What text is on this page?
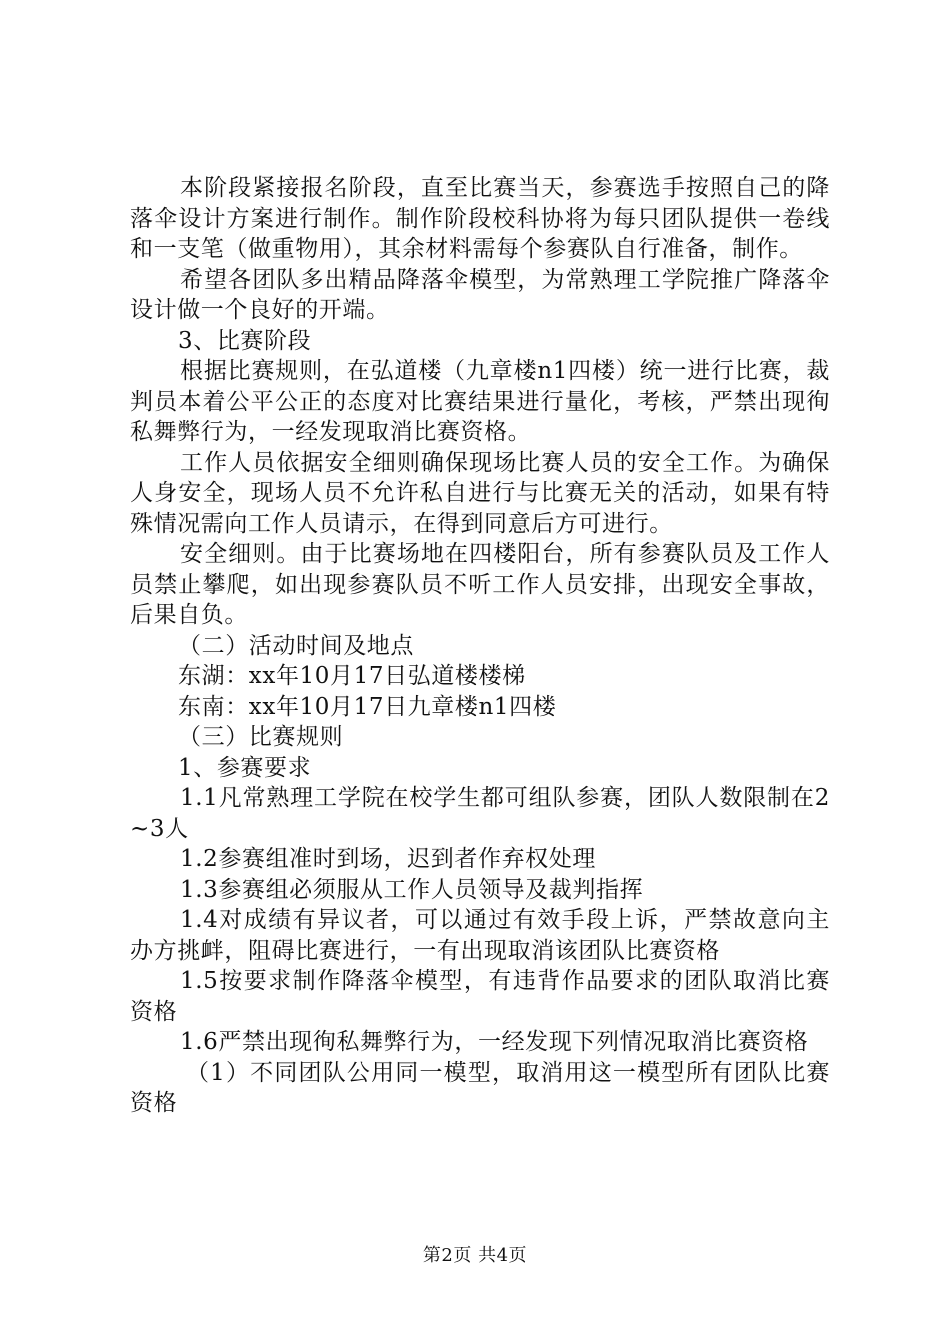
本阶段紧接报名阶段，直至比赛当天，参赛选手按照自己的降落伞设计方案进行制作。制作阶段校科协将为每只团队提供一卷线和一支笔（做重物用），其余材料需每个参赛队自行准备，制作。

希望各团队多出精品降落伞模型，为常熟理工学院推广降落伞设计做一个良好的开端。

3、比赛阶段

根据比赛规则，在弘道楼（九章楼n1四楼）统一进行比赛，裁判员本着公平公正的态度对比赛结果进行量化，考核，严禁出现徇私舞弊行为，一经发现取消比赛资格。

工作人员依据安全细则确保现场比赛人员的安全工作。为确保人身安全，现场人员不允许私自进行与比赛无关的活动，如果有特殊情况需向工作人员请示，在得到同意后方可进行。

安全细则。由于比赛场地在四楼阳台，所有参赛队员及工作人员禁止攀爬，如出现参赛队员不听工作人员安排，出现安全事故，后果自负。

（二）活动时间及地点

东湖：xx年10月17日弘道楼楼梯

东南：xx年10月17日九章楼n1四楼

（三）比赛规则

1、参赛要求

1.1凡常熟理工学院在校学生都可组队参赛，团队人数限制在2~3人

1.2参赛组准时到场，迟到者作弃权处理

1.3参赛组必须服从工作人员领导及裁判指挥

1.4对成绩有异议者，可以通过有效手段上诉，严禁故意向主办方挑衅，阻碍比赛进行，一有出现取消该团队比赛资格

1.5按要求制作降落伞模型，有违背作品要求的团队取消比赛资格

1.6严禁出现徇私舞弊行为，一经发现下列情况取消比赛资格

（1）不同团队公用同一模型，取消用这一模型所有团队比赛资格

第2页 共4页
